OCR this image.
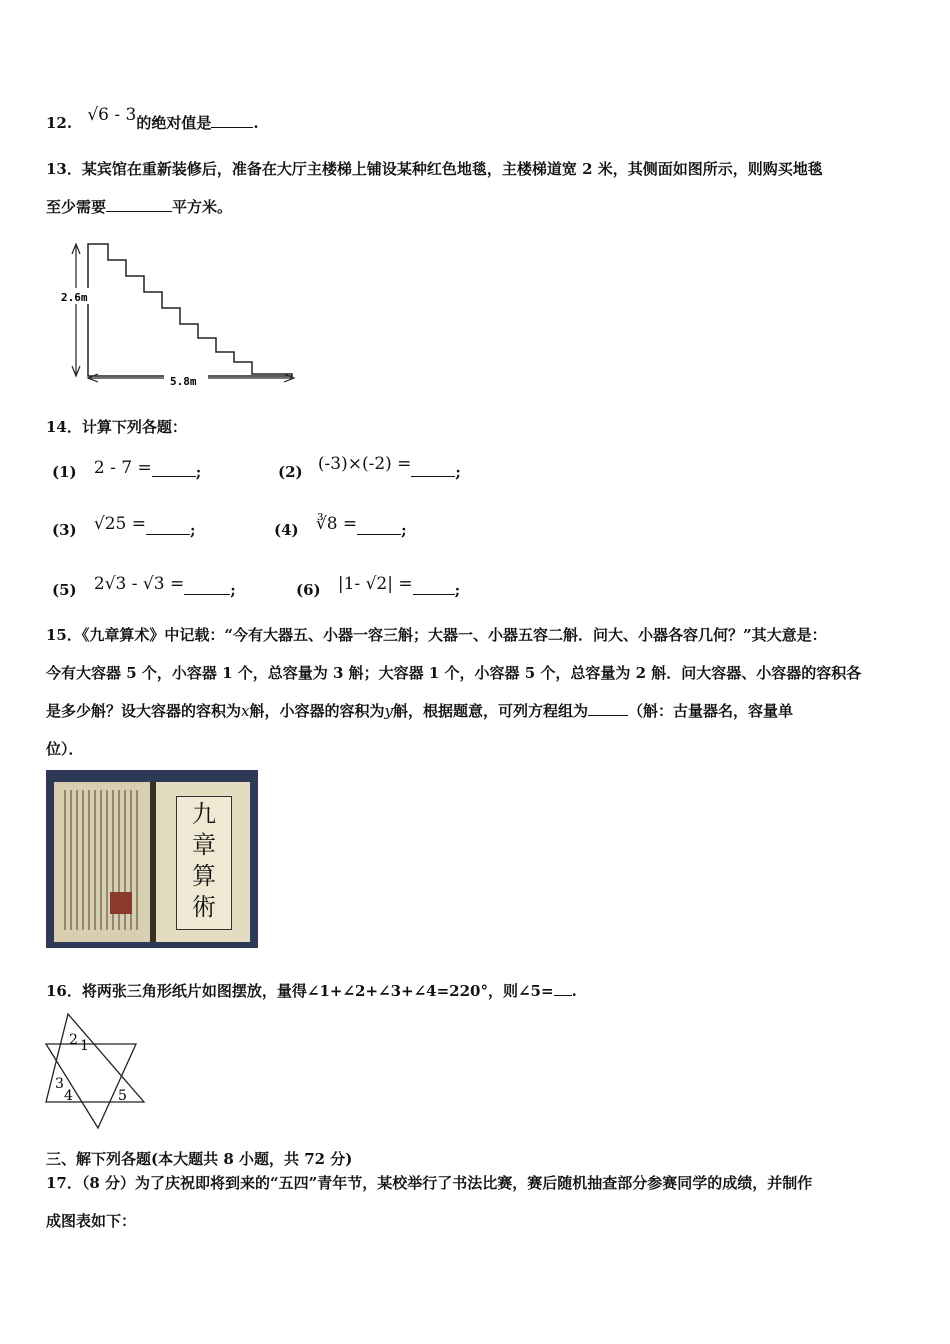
12. √6 - 3的绝对值是	.
13．某宾馆在重新装修后，准备在大厅主楼梯上铺设某种红色地毯，主楼梯道宽 2 米，其侧面如图所示，则购买地毯
至少需要	平方米。
2.6m
5.8m
14．计算下列各题：
(1) 2 - 7 =	;	(2) (-3)×(-2) =	;
(3) √25 =	;	(4) ∛8 =	;
(5) 2√3 - √3 =	;	(6) |1- √2| =	;
15．《九章算术》中记载：“今有大器五、小器一容三斛；大器一、小器五容二斛．问大、小器各容几何？”其大意是：
今有大容器 5 个，小容器 1 个，总容量为 3 斛；大容器 1 个，小容器 5 个，总容量为 2 斛．问大容器、小容器的容积各
是多少斛？设大容器的容积为x斛，小容器的容积为y斛，根据题意，可列方程组为	（斛：古量器名，容量单
位）．
九
章
算
術
16．将两张三角形纸片如图摆放，量得∠1+∠2+∠3+∠4=220°，则∠5= .
1
2
3
4	5
三、解下列各题(本大题共 8 小题，共 72 分)
17．（8 分）为了庆祝即将到来的“五四”青年节，某校举行了书法比赛，赛后随机抽查部分参赛同学的成绩，并制作
成图表如下：
